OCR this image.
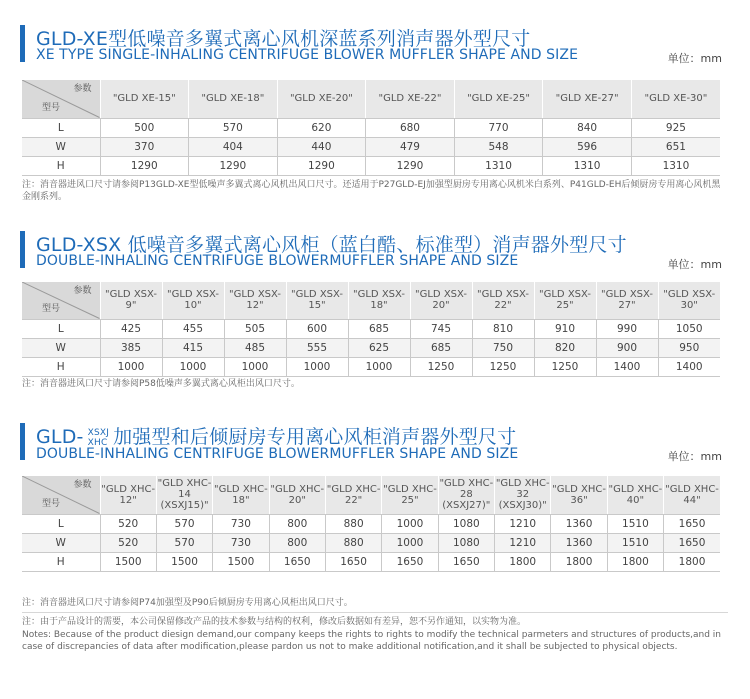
GLD-XE型低噪音多翼式离心风机深蓝系列消声器外型尺寸
XE TYPE SINGLE-INHALING CENTRIFUGE BLOWER MUFFLER SHAPE AND SIZE	单位：mm
参数
型号	"GLD XE-15"	"GLD XE-18"	"GLD XE-20"	"GLD XE-22"	"GLD XE-25"	"GLD XE-27"	"GLD XE-30"
L	500	570	620	680	770	840	925
W	370	404	440	479	548	596	651
H	1290	1290	1290	1290	1310	1310	1310
注：消音器进风口尺寸请参阅P13GLD-XE型低噪声多翼式离心风机出风口尺寸。还适用于P27GLD-EJ加强型厨房专用离心风机米白系列、P41GLD-EH后倾厨房专用离心风机黑金刚系列。
GLD-XSX 低噪音多翼式离心风柜（蓝白酷、标准型）消声器外型尺寸
DOUBLE-INHALING CENTRIFUGE BLOWERMUFFLER SHAPE AND SIZE	单位：mm
参数
型号	"GLD XSX-9"	"GLD XSX-10"	"GLD XSX-12"	"GLD XSX-15"	"GLD XSX-18"	"GLD XSX-20"	"GLD XSX-22"	"GLD XSX-25"	"GLD XSX-27"	"GLD XSX-30"
L	425	455	505	600	685	745	810	910	990	1050
W	385	415	485	555	625	685	750	820	900	950
H	1000	1000	1000	1000	1000	1250	1250	1250	1400	1400
注：消音器进风口尺寸请参阅P58低噪声多翼式离心风柜出风口尺寸。
GLD- XSXJ
XHC 加强型和后倾厨房专用离心风柜消声器外型尺寸
DOUBLE-INHALING CENTRIFUGE BLOWERMUFFLER SHAPE AND SIZE	单位：mm
参数
型号	"GLD XHC-12"	"GLD XHC-14 (XSXJ15)"	"GLD XHC-18"	"GLD XHC-20"	"GLD XHC-22"	"GLD XHC-25"	"GLD XHC-28 (XSXJ27)"	"GLD XHC-32 (XSXJ30)"	"GLD XHC-36"	"GLD XHC-40"	"GLD XHC-44"
L	520	570	730	800	880	1000	1080	1210	1360	1510	1650
W	520	570	730	800	880	1000	1080	1210	1360	1510	1650
H	1500	1500	1500	1650	1650	1650	1650	1800	1800	1800	1800
注：消音器进风口尺寸请参阅P74加强型及P90后倾厨房专用离心风柜出风口尺寸。
注：由于产品设计的需要，本公司保留修改产品的技术参数与结构的权利，修改后数据如有差异，恕不另作通知，以实物为准。
Notes: Because of the product diesign demand,our company keeps the rights to rights to modify the technical parmeters and structures of products,and in case of discrepancies of data after modification,please pardon us not to make additional notification,and it shall be subjected to physical objects.
